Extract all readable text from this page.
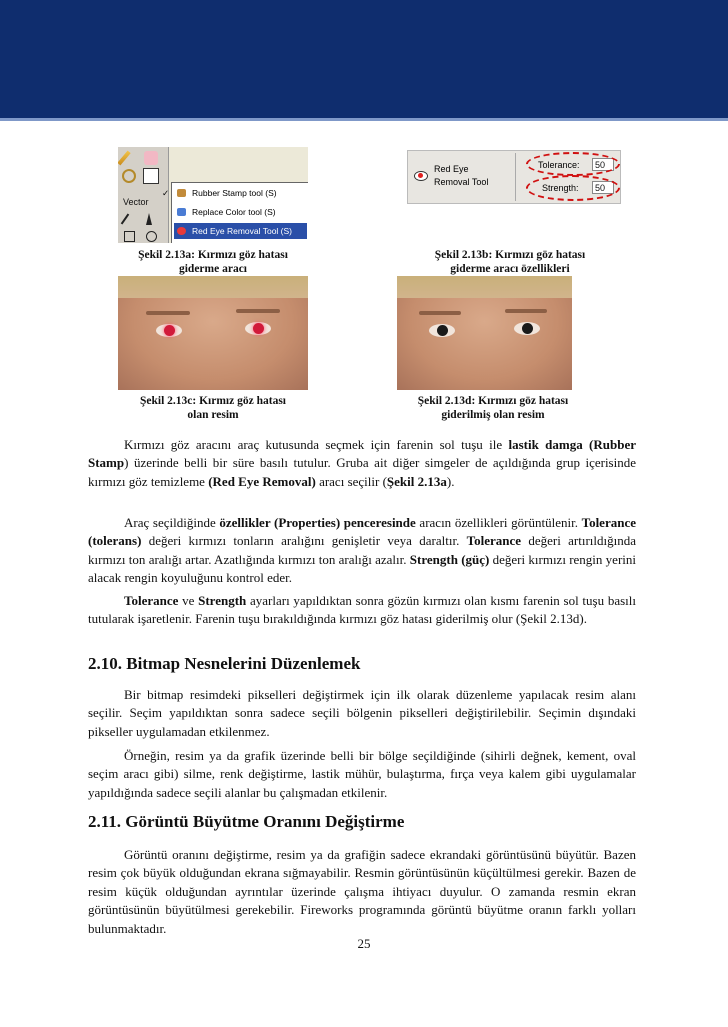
Vector
✓	Rubber Stamp tool (S)
Replace Color tool (S)
Red Eye Removal Tool (S)
Şekil 2.13a: Kırmızı göz hatası
giderme aracı
Red Eye
Removal Tool
Tolerance:	50
Strength:	50
Şekil 2.13b: Kırmızı göz hatası
giderme aracı özellikleri
Şekil 2.13c: Kırmız göz hatası
olan resim
Şekil 2.13d: Kırmızı göz hatası
giderilmiş olan resim
Kırmızı göz aracını araç kutusunda seçmek için farenin sol tuşu ile lastik damga (Rubber Stamp) üzerinde belli bir süre basılı tutulur. Gruba ait diğer simgeler de açıldığında grup içerisinde kırmızı göz temizleme (Red Eye Removal) aracı seçilir (Şekil 2.13a).
Araç seçildiğinde özellikler (Properties) penceresinde aracın özellikleri görüntülenir. Tolerance (tolerans) değeri kırmızı tonların aralığını genişletir veya daraltır. Tolerance değeri artırıldığında kırmızı ton aralığı artar. Azatlığında kırmızı ton aralığı azalır. Strength (güç) değeri kırmızı rengin yerini alacak rengin koyuluğunu kontrol eder.
Tolerance ve Strength ayarları yapıldıktan sonra gözün kırmızı olan kısmı farenin sol tuşu basılı tutularak işaretlenir. Farenin tuşu bırakıldığında kırmızı göz hatası giderilmiş olur (Şekil 2.13d).
2.10. Bitmap Nesnelerini Düzenlemek
Bir bitmap resimdeki pikselleri değiştirmek için ilk olarak düzenleme yapılacak resim alanı seçilir. Seçim yapıldıktan sonra sadece seçili bölgenin pikselleri değiştirilebilir. Seçimin dışındaki pikseller uygulamadan etkilenmez.
Örneğin, resim ya da grafik üzerinde belli bir bölge seçildiğinde (sihirli değnek, kement, oval seçim aracı gibi) silme, renk değiştirme, lastik mühür, bulaştırma, fırça veya kalem gibi uygulamalar yapıldığında sadece seçili alanlar bu çalışmadan etkilenir.
2.11. Görüntü Büyütme Oranını Değiştirme
Görüntü oranını değiştirme, resim ya da grafiğin sadece ekrandaki görüntüsünü büyütür. Bazen resim çok büyük olduğundan ekrana sığmayabilir. Resmin görüntüsünün küçültülmesi gerekir. Bazen de resim küçük olduğundan ayrıntılar üzerinde çalışma ihtiyacı duyulur. O zamanda resmin ekran görüntüsünün büyütülmesi gerekebilir. Fireworks programında görüntü büyütme oranın farklı yolları bulunmaktadır.
25
